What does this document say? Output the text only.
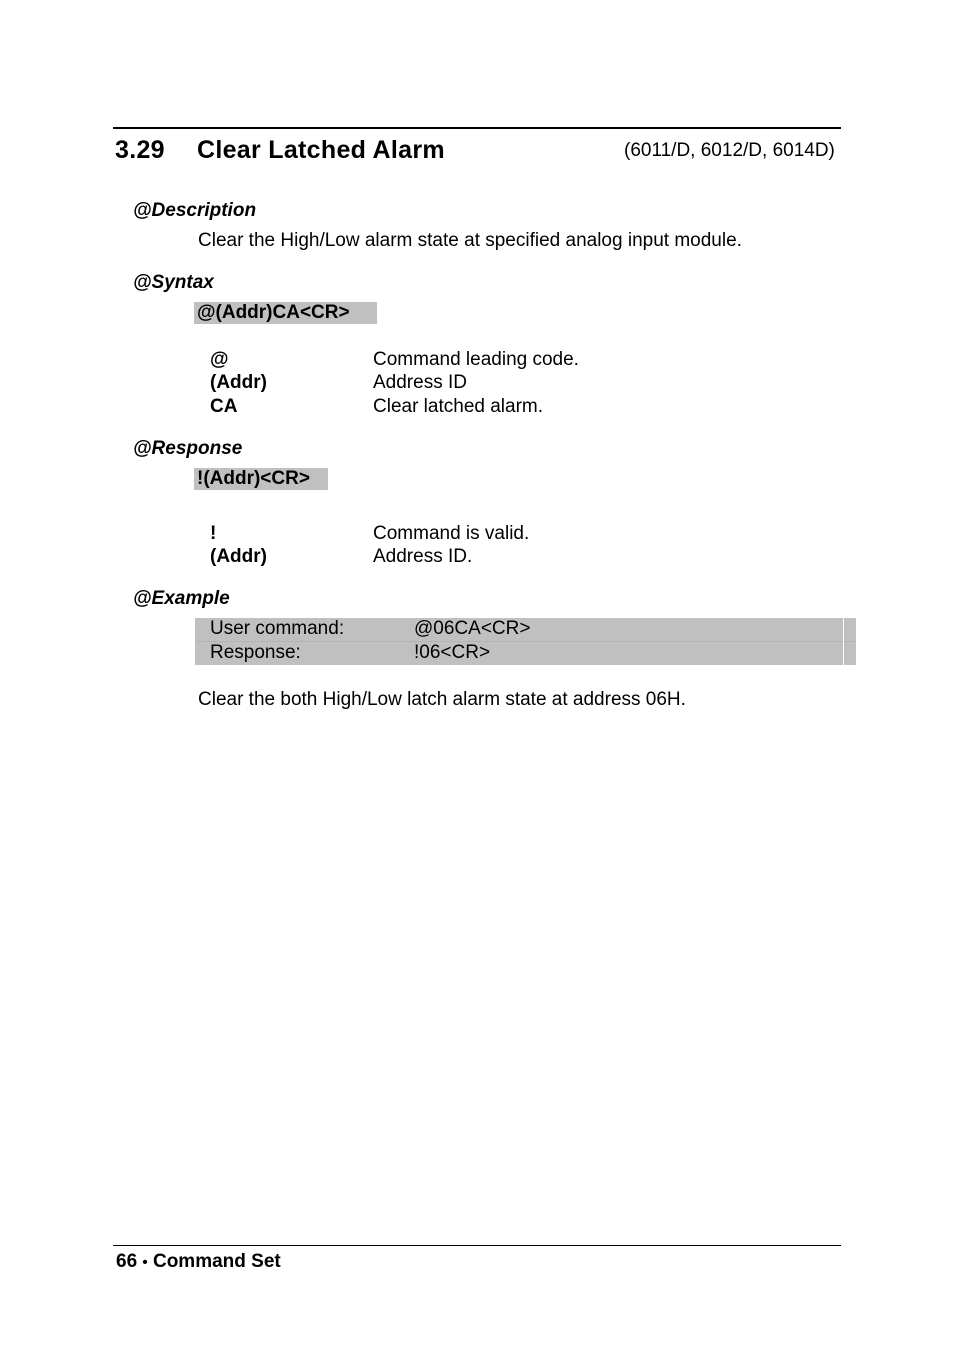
3.29 Clear Latched Alarm	(6011/D, 6012/D, 6014D)
@Description
Clear the High/Low alarm state at specified analog input module.
@Syntax
@(Addr)CA<CR>
@	Command leading code.
(Addr)	Address ID
CA	Clear latched alarm.
@Response
!(Addr)<CR>
!	Command is valid.
(Addr)	Address ID.
@Example
User command:	@06CA<CR>
Response:	!06<CR>
Clear the both High/Low latch alarm state at address 06H.
66 • Command Set
